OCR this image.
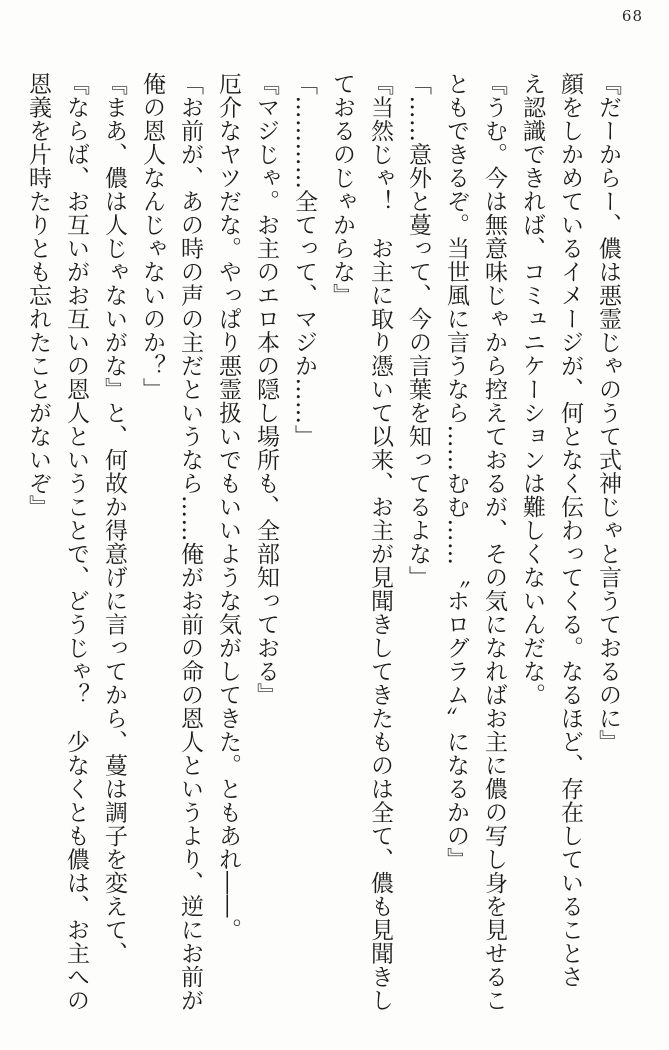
68
『だーからー、儂は悪霊じゃのうて式神じゃと言うておるのに』
顔をしかめているイメージが、何となく伝わってくる。なるほど、存在していることさ
え認識できれば、コミュニケーションは難しくないんだな。
『うむ。今は無意味じゃから控えておるが、その気になればお主に儂の写し身を見せるこ
ともできるぞ。当世風に言うなら……むむ……〝ホログラム〟になるかの』
「……意外と蔓って、今の言葉を知ってるよな」
『当然じゃ！　お主に取り憑いて以来、お主が見聞きしてきたものは全て、儂も見聞きし
ておるのじゃからな』
「…………全てって、マジか……」
『マジじゃ。お主のエロ本の隠し場所も、全部知っておる』
厄介なヤツだな。やっぱり悪霊扱いでもいいような気がしてきた。ともあれ――。
「お前が、あの時の声の主だというなら……俺がお前の命の恩人というより、逆にお前が
俺の恩人なんじゃないのか？」
『まあ、儂は人じゃないがな』と、何故か得意げに言ってから、蔓は調子を変えて、
『ならば、お互いがお互いの恩人ということで、どうじゃ？　少なくとも儂は、お主への
恩義を片時たりとも忘れたことがないぞ』
